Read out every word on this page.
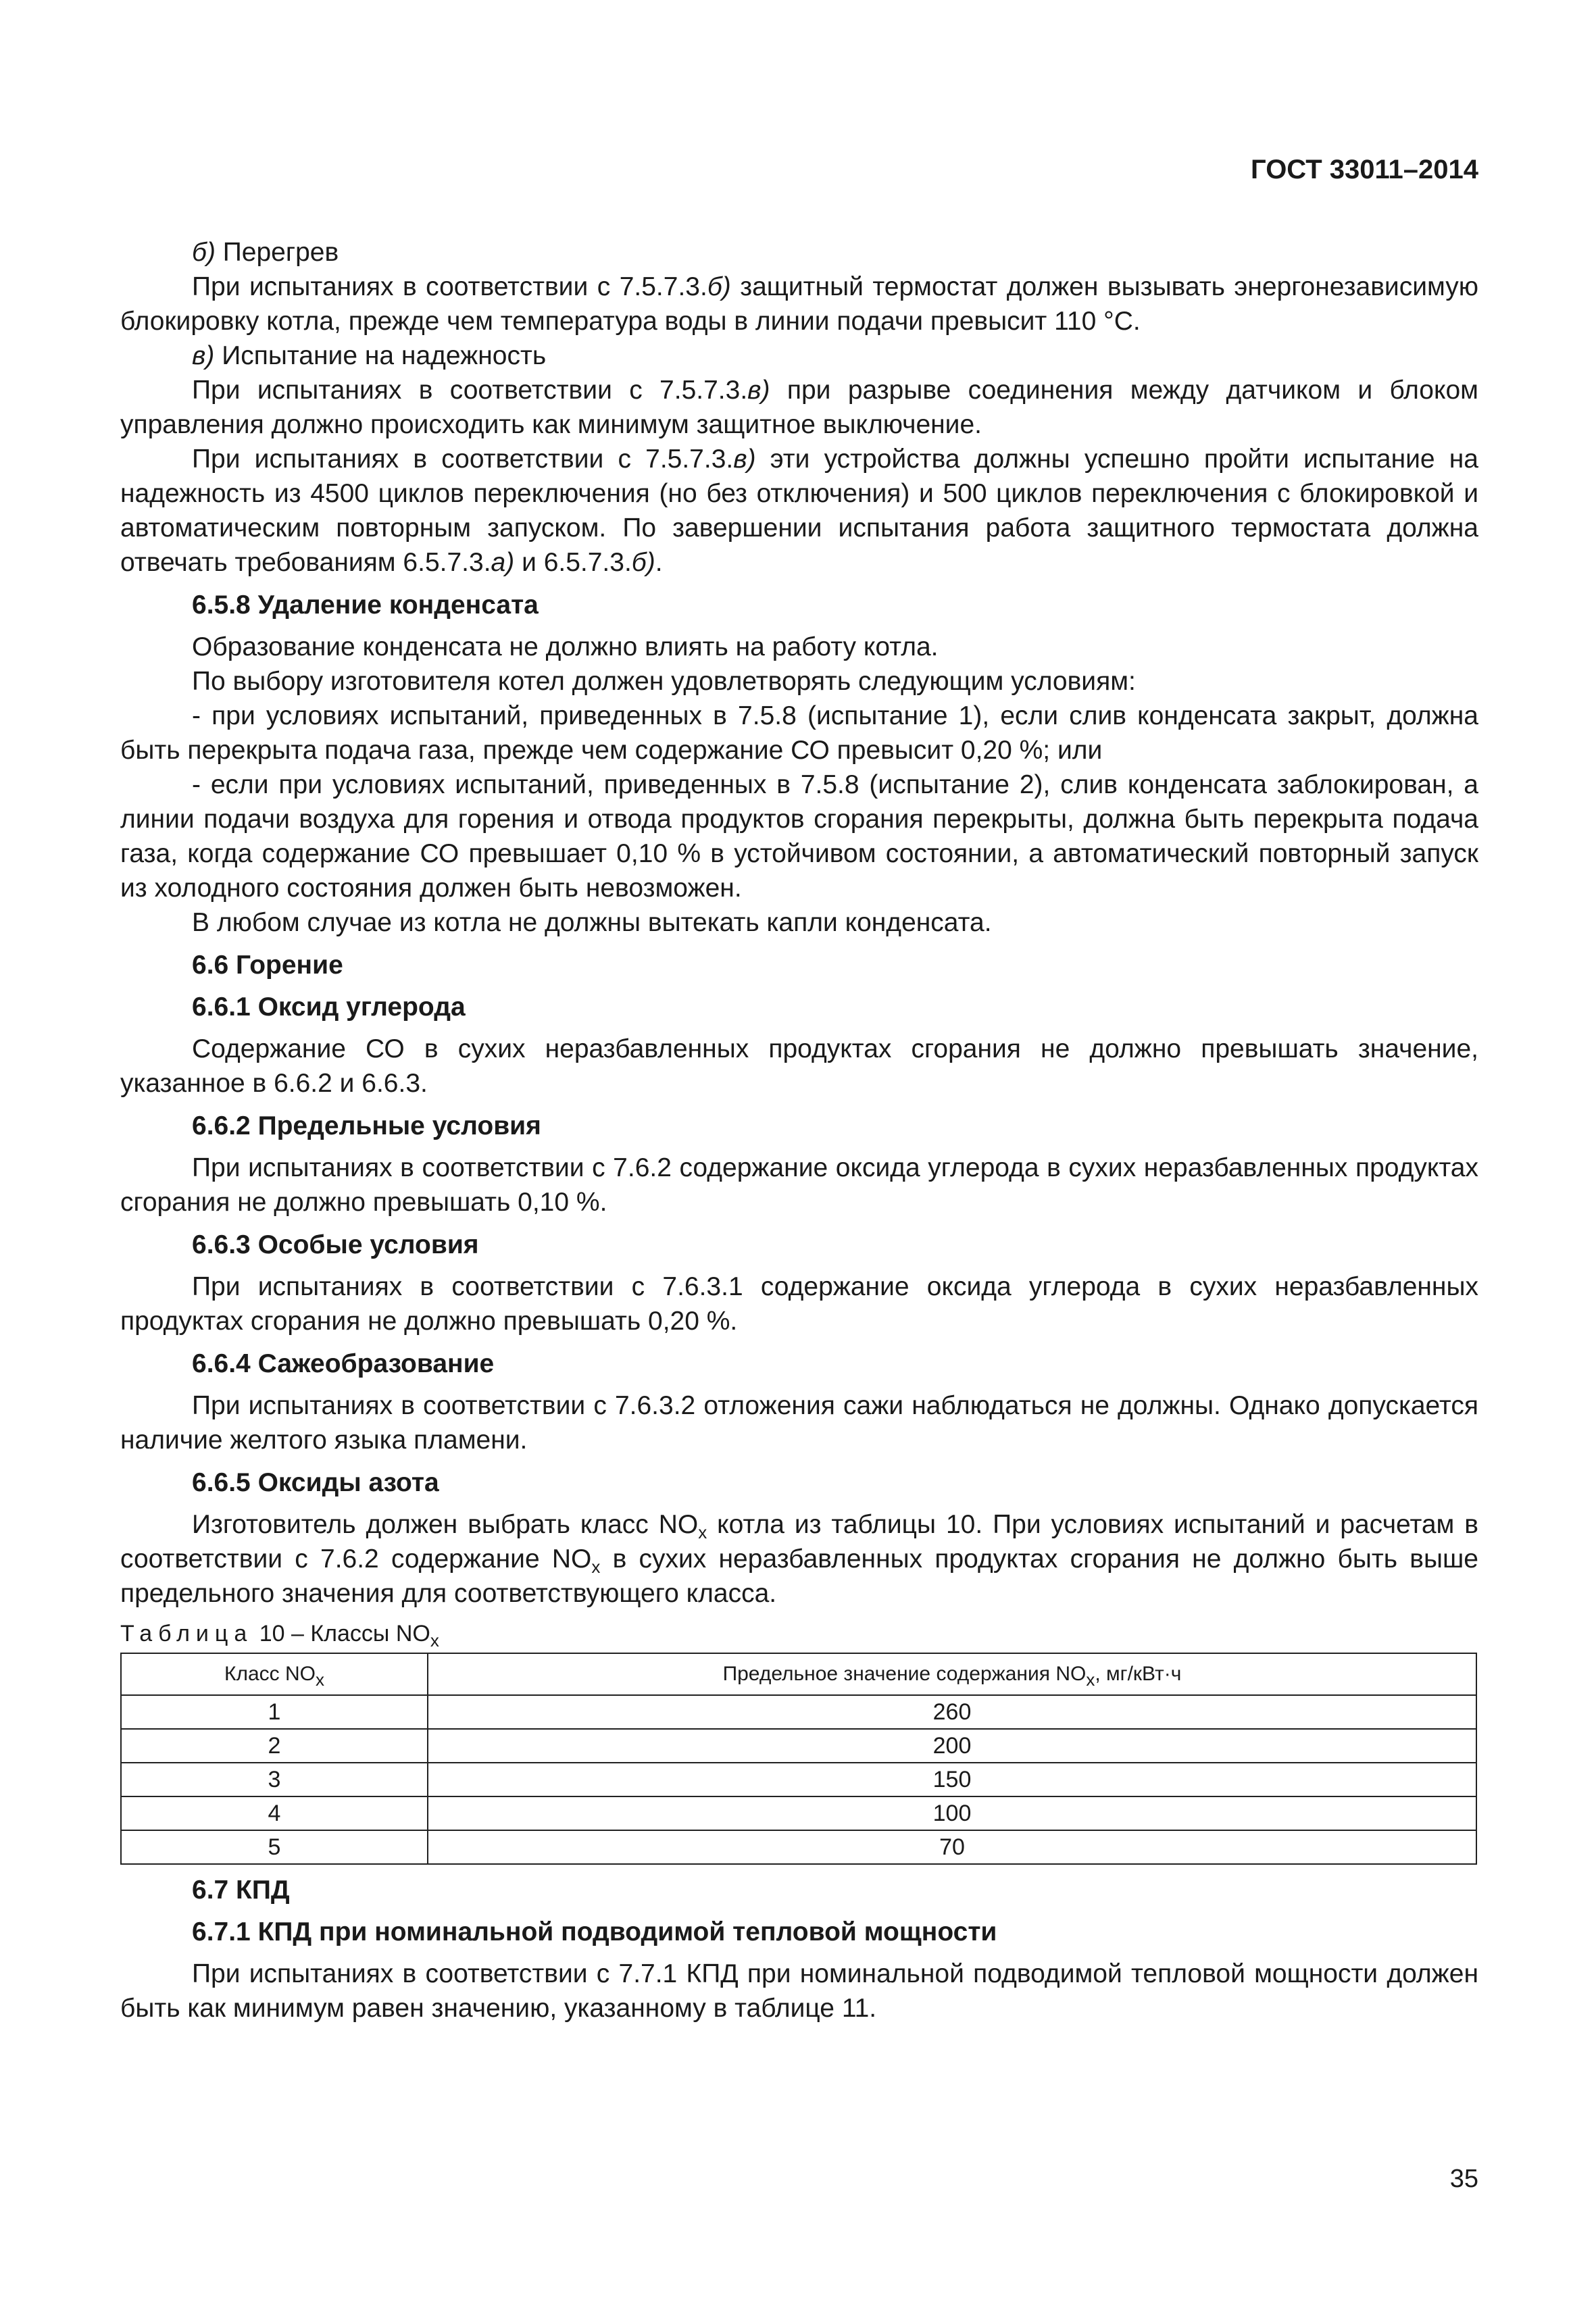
ГОСТ 33011–2014

б) Перегрев

При испытаниях в соответствии с 7.5.7.3.б) защитный термостат должен вызывать энергонезависимую блокировку котла, прежде чем температура воды в линии подачи превысит 110 °С.

в) Испытание на надежность

При испытаниях в соответствии с 7.5.7.3.в) при разрыве соединения между датчиком и блоком управления должно происходить как минимум защитное выключение.

При испытаниях в соответствии с 7.5.7.3.в) эти устройства должны успешно пройти испытание на надежность из 4500 циклов переключения (но без отключения) и 500 циклов переключения с блокировкой и автоматическим повторным запуском. По завершении испытания работа защитного термостата должна отвечать требованиям 6.5.7.3.а) и 6.5.7.3.б).

6.5.8 Удаление конденсата

Образование конденсата не должно влиять на работу котла.

По выбору изготовителя котел должен удовлетворять следующим условиям:

- при условиях испытаний, приведенных в 7.5.8 (испытание 1), если слив конденсата закрыт, должна быть перекрыта подача газа, прежде чем содержание СО превысит 0,20 %; или

- если при условиях испытаний, приведенных в 7.5.8 (испытание 2), слив конденсата заблокирован, а линии подачи воздуха для горения и отвода продуктов сгорания перекрыты, должна быть перекрыта подача газа, когда содержание СО превышает 0,10 % в устойчивом состоянии, а автоматический повторный запуск из холодного состояния должен быть невозможен.

В любом случае из котла не должны вытекать капли конденсата.

6.6 Горение
6.6.1 Оксид углерода

Содержание СО в сухих неразбавленных продуктах сгорания не должно превышать значение, указанное в 6.6.2 и 6.6.3.

6.6.2 Предельные условия

При испытаниях в соответствии с 7.6.2 содержание оксида углерода в сухих неразбавленных продуктах сгорания не должно превышать 0,10 %.

6.6.3 Особые условия

При испытаниях в соответствии с 7.6.3.1 содержание оксида углерода в сухих неразбавленных продуктах сгорания не должно превышать 0,20 %.

6.6.4 Сажеобразование

При испытаниях в соответствии с 7.6.3.2 отложения сажи наблюдаться не должны. Однако допускается наличие желтого языка пламени.

6.6.5 Оксиды азота

Изготовитель должен выбрать класс $NO_x$ котла из таблицы 10. При условиях испытаний и расчетам в соответствии с 7.6.2 содержание $NO_x$ в сухих неразбавленных продуктах сгорания не должно быть выше предельного значения для соответствующего класса.

Таблица 10 – Классы $NO_x$
Класс $NO_x$	Предельное значение содержания $NO_x$, мг/кВт·ч
1	260
2	200
3	150
4	100
5	70
6.7 КПД
6.7.1 КПД при номинальной подводимой тепловой мощности

При испытаниях в соответствии с 7.7.1 КПД при номинальной подводимой тепловой мощности должен быть как минимум равен значению, указанному в таблице 11.

35
